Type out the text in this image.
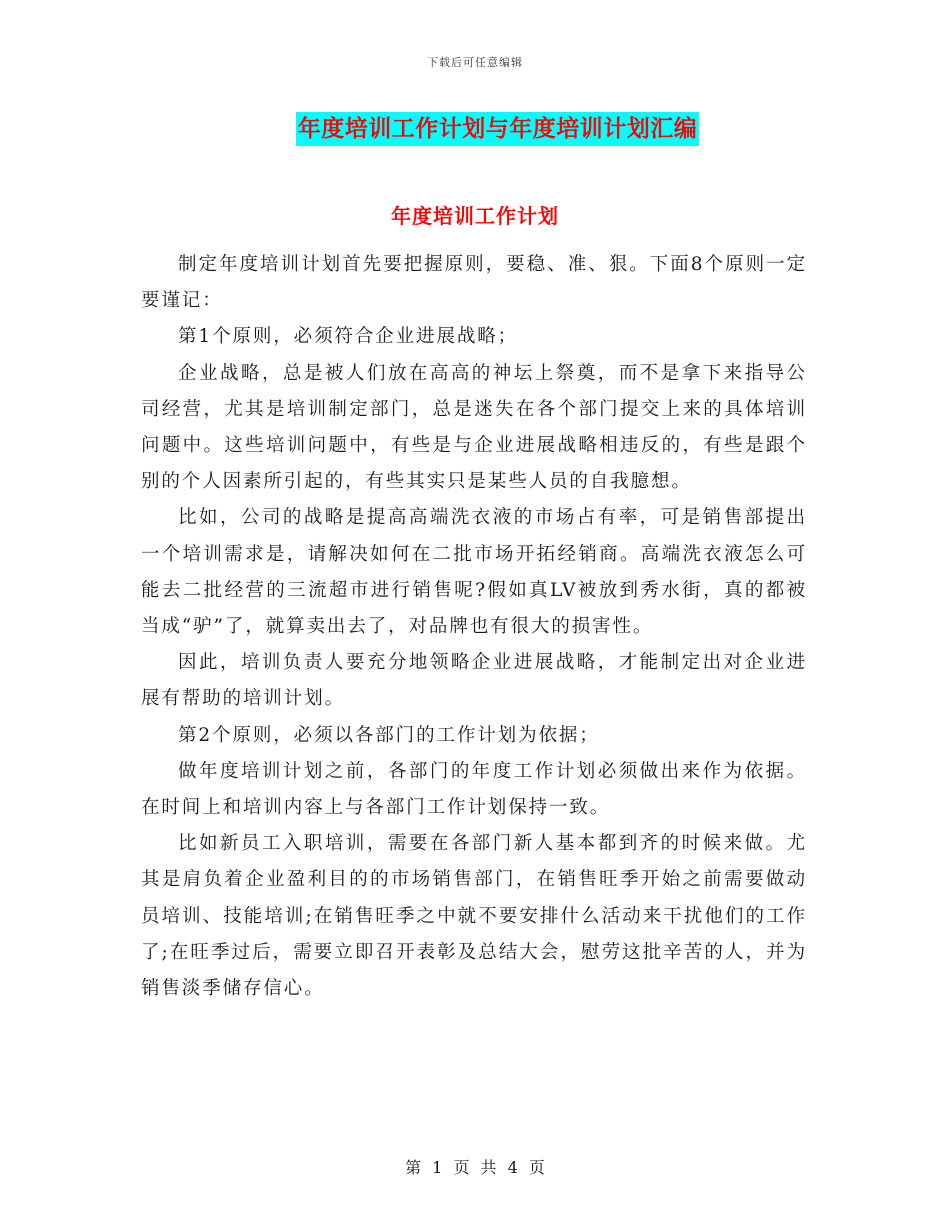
下载后可任意编辑
年度培训工作计划与年度培训计划汇编
年度培训工作计划

制定年度培训计划首先要把握原则，要稳、准、狠。下面8个原则一定要谨记：

第1个原则，必须符合企业进展战略；

企业战略，总是被人们放在高高的神坛上祭奠，而不是拿下来指导公司经营，尤其是培训制定部门，总是迷失在各个部门提交上来的具体培训问题中。这些培训问题中，有些是与企业进展战略相违反的，有些是跟个别的个人因素所引起的，有些其实只是某些人员的自我臆想。

比如，公司的战略是提高高端洗衣液的市场占有率，可是销售部提出一个培训需求是，请解决如何在二批市场开拓经销商。高端洗衣液怎么可能去二批经营的三流超市进行销售呢?假如真LV被放到秀水街，真的都被当成“驴”了，就算卖出去了，对品牌也有很大的损害性。

因此，培训负责人要充分地领略企业进展战略，才能制定出对企业进展有帮助的培训计划。

第2个原则，必须以各部门的工作计划为依据；

做年度培训计划之前，各部门的年度工作计划必须做出来作为依据。在时间上和培训内容上与各部门工作计划保持一致。

比如新员工入职培训，需要在各部门新人基本都到齐的时候来做。尤其是肩负着企业盈利目的的市场销售部门，在销售旺季开始之前需要做动员培训、技能培训;在销售旺季之中就不要安排什么活动来干扰他们的工作了;在旺季过后，需要立即召开表彰及总结大会，慰劳这批辛苦的人，并为销售淡季储存信心。

第 1 页 共 4 页
